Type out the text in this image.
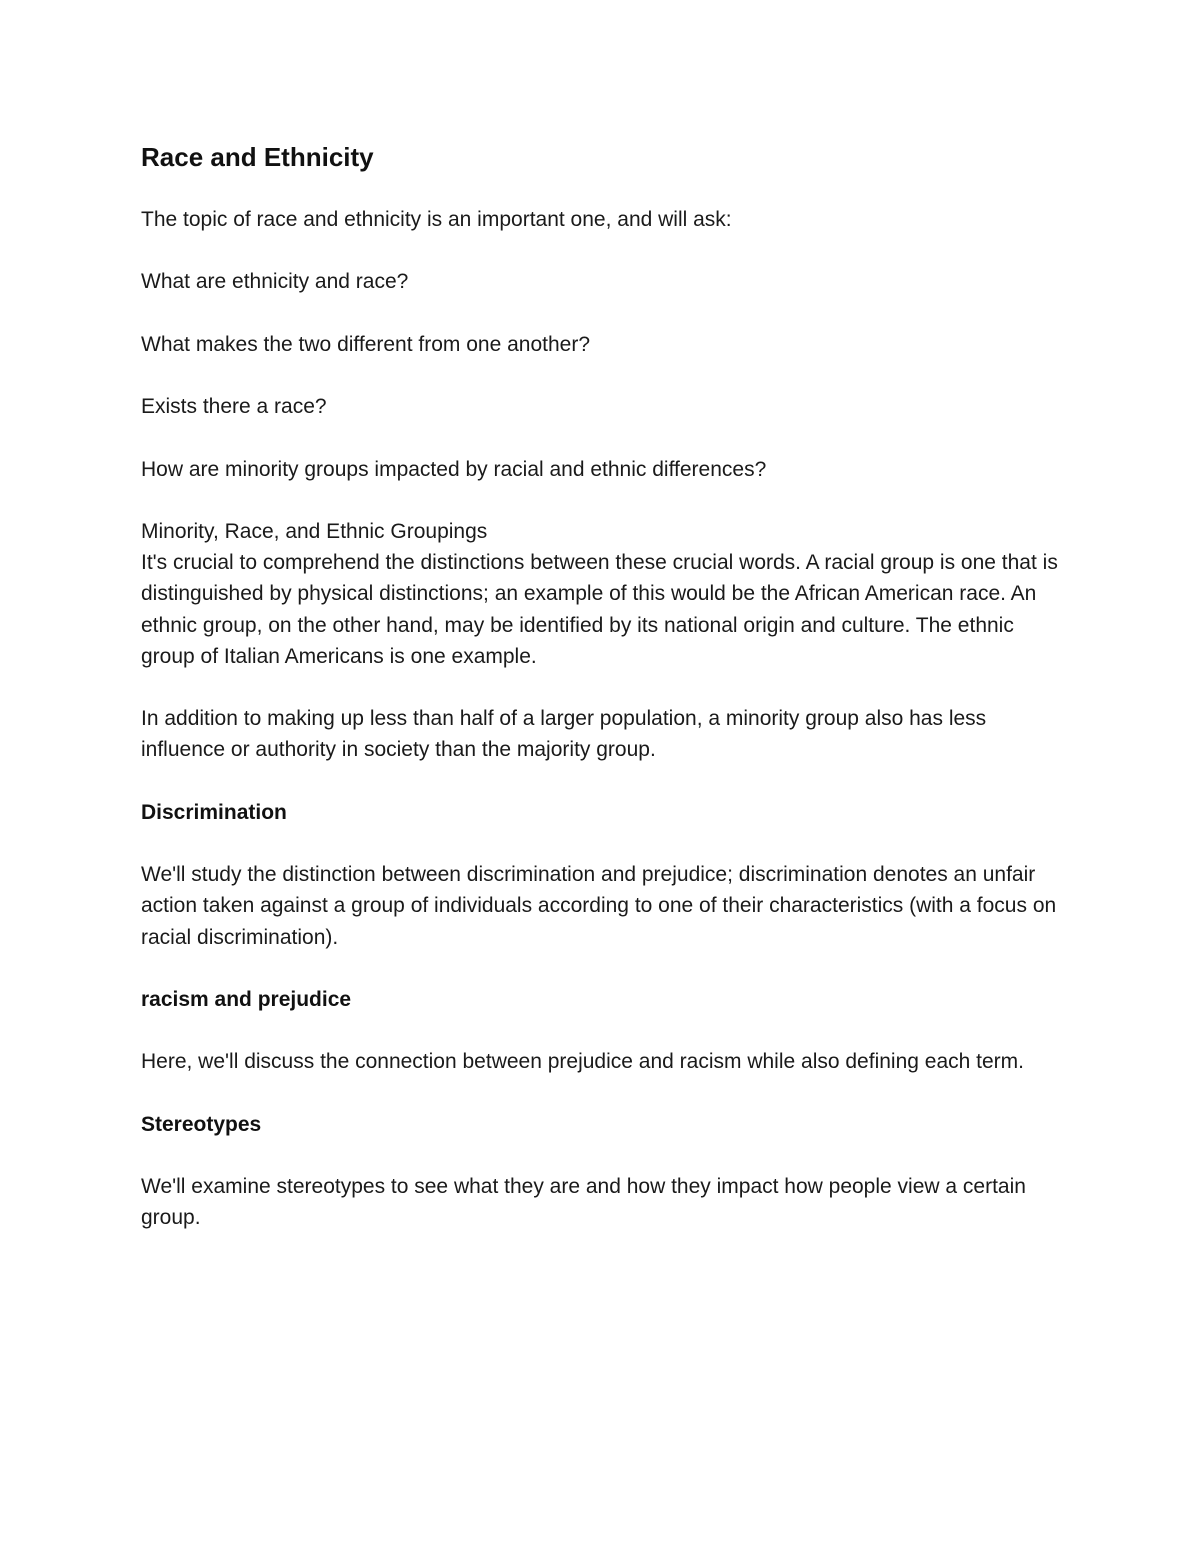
Race and Ethnicity

The topic of race and ethnicity is an important one, and will ask:

What are ethnicity and race?

What makes the two different from one another?

Exists there a race?

How are minority groups impacted by racial and ethnic differences?

Minority, Race, and Ethnic Groupings

It's crucial to comprehend the distinctions between these crucial words. A racial group is one that is distinguished by physical distinctions; an example of this would be the African American race. An ethnic group, on the other hand, may be identified by its national origin and culture. The ethnic group of Italian Americans is one example.

In addition to making up less than half of a larger population, a minority group also has less influence or authority in society than the majority group.

Discrimination

We'll study the distinction between discrimination and prejudice; discrimination denotes an unfair action taken against a group of individuals according to one of their characteristics (with a focus on racial discrimination).

racism and prejudice

Here, we'll discuss the connection between prejudice and racism while also defining each term.

Stereotypes

We'll examine stereotypes to see what they are and how they impact how people view a certain group.
